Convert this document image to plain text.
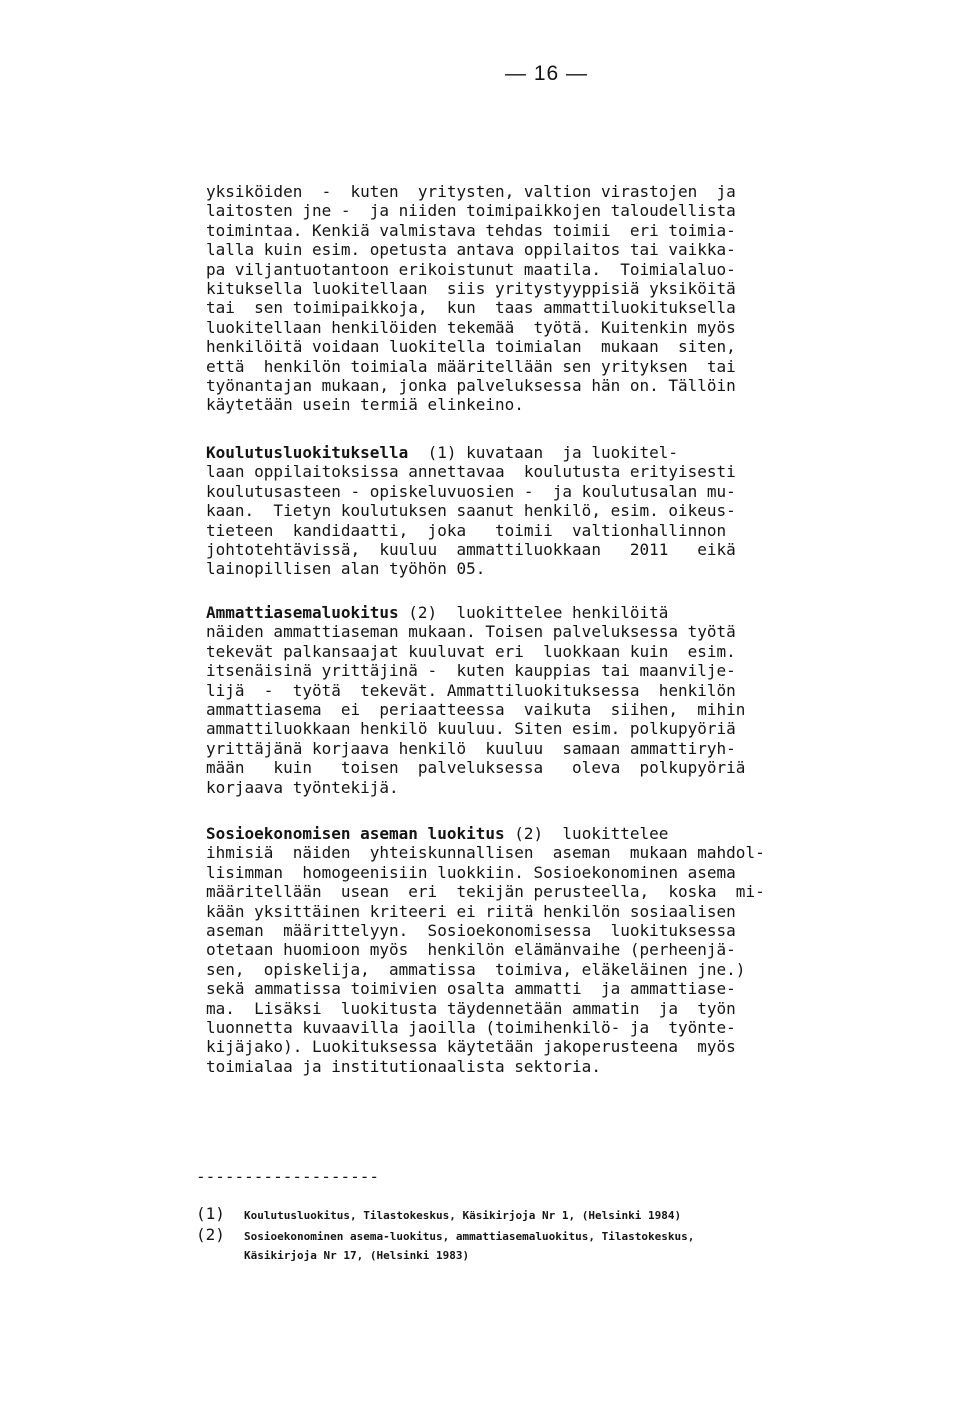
— 16 —
yksiköiden  -  kuten  yritysten, valtion virastojen  ja
laitosten jne -  ja niiden toimipaikkojen taloudellista
toimintaa. Kenkiä valmistava tehdas toimii  eri toimia-
lalla kuin esim. opetusta antava oppilaitos tai vaikka-
pa viljantuotantoon erikoistunut maatila.  Toimialaluo-
kituksella luokitellaan  siis yritystyyppisiä yksiköitä
tai  sen toimipaikkoja,  kun  taas ammattiluokituksella
luokitellaan henkilöiden tekemää  työtä. Kuitenkin myös
henkilöitä voidaan luokitella toimialan  mukaan  siten,
että  henkilön toimiala määritellään sen yrityksen  tai
työnantajan mukaan, jonka palveluksessa hän on. Tällöin
käytetään usein termiä elinkeino.
Koulutusluokituksella  (1) kuvataan  ja luokitel-
laan oppilaitoksissa annettavaa  koulutusta erityisesti
koulutusasteen - opiskeluvuosien -  ja koulutusalan mu-
kaan.  Tietyn koulutuksen saanut henkilö, esim. oikeus-
tieteen  kandidaatti,  joka   toimii  valtionhallinnon
johtotehtävissä,  kuuluu  ammattiluokkaan   2011   eikä
lainopillisen alan työhön 05.
Ammattiasemaluokitus (2)  luokittelee henkilöitä
näiden ammattiaseman mukaan. Toisen palveluksessa työtä
tekevät palkansaajat kuuluvat eri  luokkaan kuin  esim.
itsenäisinä yrittäjinä -  kuten kauppias tai maanvilje-
lijä  -  työtä  tekevät. Ammattiluokituksessa  henkilön
ammattiasema  ei  periaatteessa  vaikuta  siihen,  mihin
ammattiluokkaan henkilö kuuluu. Siten esim. polkupyöriä
yrittäjänä korjaava henkilö  kuuluu  samaan ammattiryh-
mään   kuin   toisen  palveluksessa   oleva  polkupyöriä
korjaava työntekijä.
Sosioekonomisen aseman luokitus (2)  luokittelee
ihmisiä  näiden  yhteiskunnallisen  aseman  mukaan mahdol-
lisimman  homogeenisiin luokkiin. Sosioekonominen asema
määritellään  usean  eri  tekijän perusteella,  koska  mi-
kään yksittäinen kriteeri ei riitä henkilön sosiaalisen
aseman  määrittelyyn.  Sosioekonomisessa  luokituksessa
otetaan huomioon myös  henkilön elämänvaihe (perheenjä-
sen,  opiskelija,  ammatissa  toimiva, eläkeläinen jne.)
sekä ammatissa toimivien osalta ammatti  ja ammattiase-
ma.  Lisäksi  luokitusta täydennetään ammatin  ja  työn
luonnetta kuvaavilla jaoilla (toimihenkilö- ja  työnte-
kijäjako). Luokituksessa käytetään jakoperusteena  myös
toimialaa ja institutionaalista sektoria.
-------------------
(1) Koulutusluokitus, Tilastokeskus, Käsikirjoja Nr 1, (Helsinki 1984)
(2) Sosioekonominen asema-luokitus, ammattiasemaluokitus, Tilastokeskus,
Käsikirjoja Nr 17, (Helsinki 1983)
